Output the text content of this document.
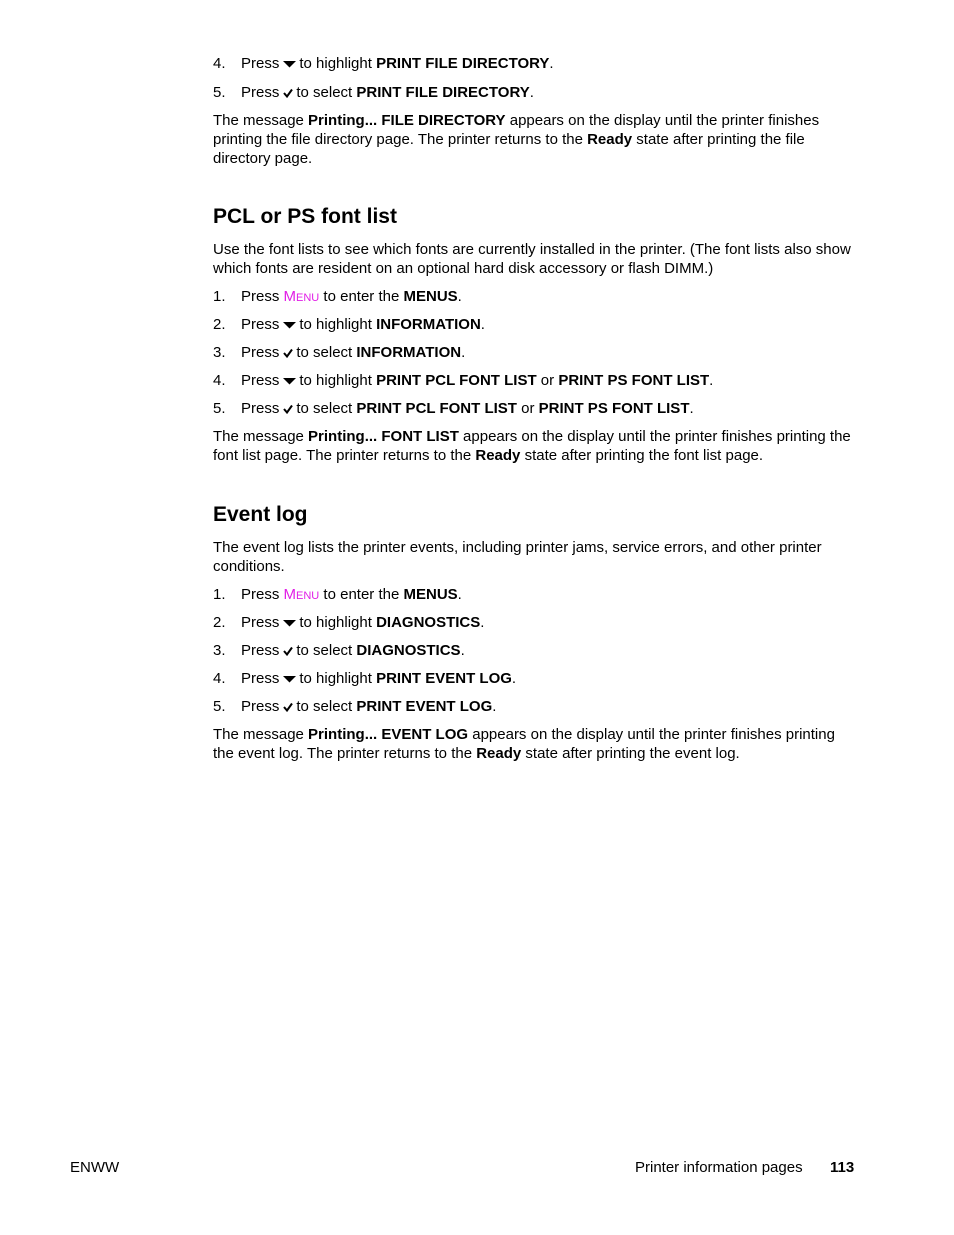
4. Press to highlight PRINT FILE DIRECTORY.
5. Press to select PRINT FILE DIRECTORY.
The message Printing... FILE DIRECTORY appears on the display until the printer finishes printing the file directory page. The printer returns to the Ready state after printing the file directory page.
PCL or PS font list
Use the font lists to see which fonts are currently installed in the printer. (The font lists also show which fonts are resident on an optional hard disk accessory or flash DIMM.)
1. Press Menu to enter the MENUS.
2. Press to highlight INFORMATION.
3. Press to select INFORMATION.
4. Press to highlight PRINT PCL FONT LIST or PRINT PS FONT LIST.
5. Press to select PRINT PCL FONT LIST or PRINT PS FONT LIST.
The message Printing... FONT LIST appears on the display until the printer finishes printing the font list page. The printer returns to the Ready state after printing the font list page.
Event log
The event log lists the printer events, including printer jams, service errors, and other printer conditions.
1. Press Menu to enter the MENUS.
2. Press to highlight DIAGNOSTICS.
3. Press to select DIAGNOSTICS.
4. Press to highlight PRINT EVENT LOG.
5. Press to select PRINT EVENT LOG.
The message Printing... EVENT LOG appears on the display until the printer finishes printing the event log. The printer returns to the Ready state after printing the event log.
ENWW	Printer information pages 113
